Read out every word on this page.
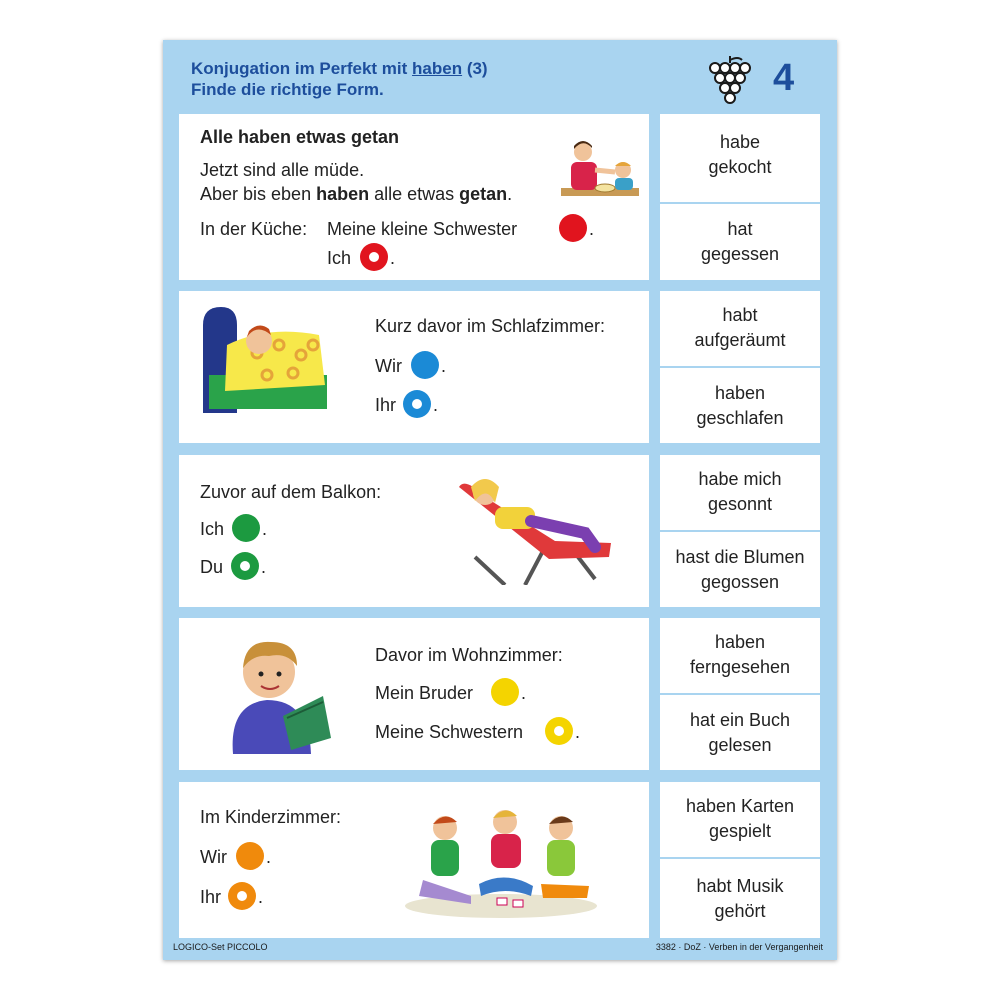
Konjugation im Perfekt mit haben (3)
Finde die richtige Form.	4
Alle haben etwas getan
Jetzt sind alle müde.
Aber bis eben haben alle etwas getan.
In der Küche: Meine kleine Schwester	.
Ich .
habe
gekocht
hat
gegessen
Kurz davor im Schlafzimmer:
Wir .
Ihr .
habt
aufgeräumt
haben
geschlafen
Zuvor auf dem Balkon:
Ich .
Du .
habe mich
gesonnt
hast die Blumen
gegossen
Davor im Wohnzimmer:
Mein Bruder	.
Meine Schwestern	.
haben
ferngesehen
hat ein Buch
gelesen
Im Kinderzimmer:
Wir .
Ihr .
haben Karten
gespielt
habt Musik
gehört
LOGICO-Set PICCOLO	3382 · DoZ · Verben in der Vergangenheit
